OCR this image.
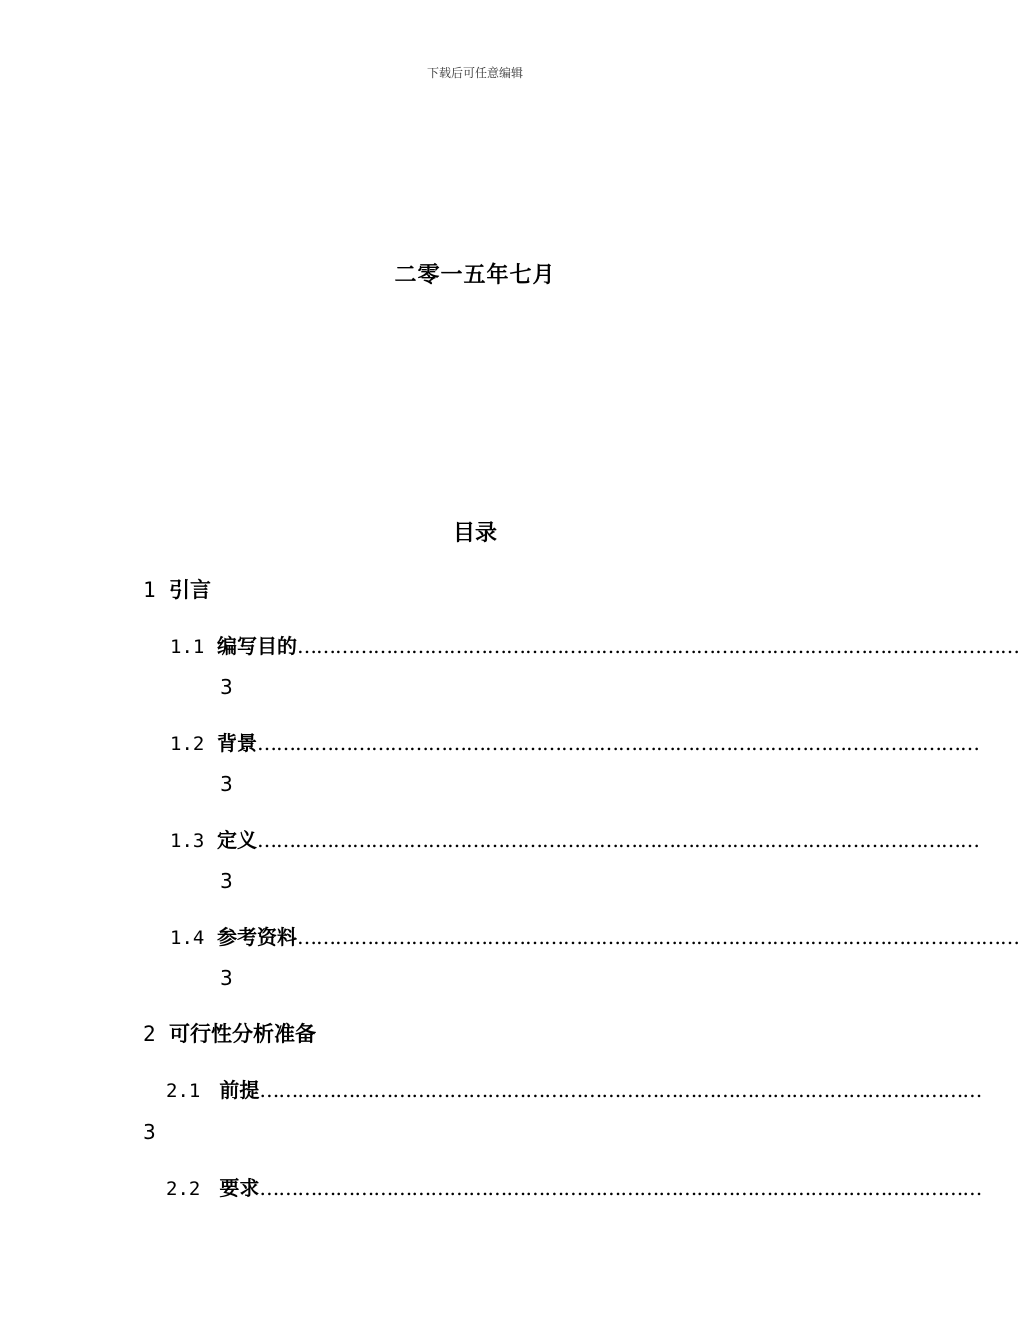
下载后可任意编辑
二零一五年七月
目录
1 引言
1.1 编写目的……………………………………………………………………………………………………
3
1.2 背景……………………………………………………………………………………………………
3
1.3 定义……………………………………………………………………………………………………
3
1.4 参考资料……………………………………………………………………………………………………
3
2 可行性分析准备
2.1 前提……………………………………………………………………………………………………
3
2.2 要求……………………………………………………………………………………………………
